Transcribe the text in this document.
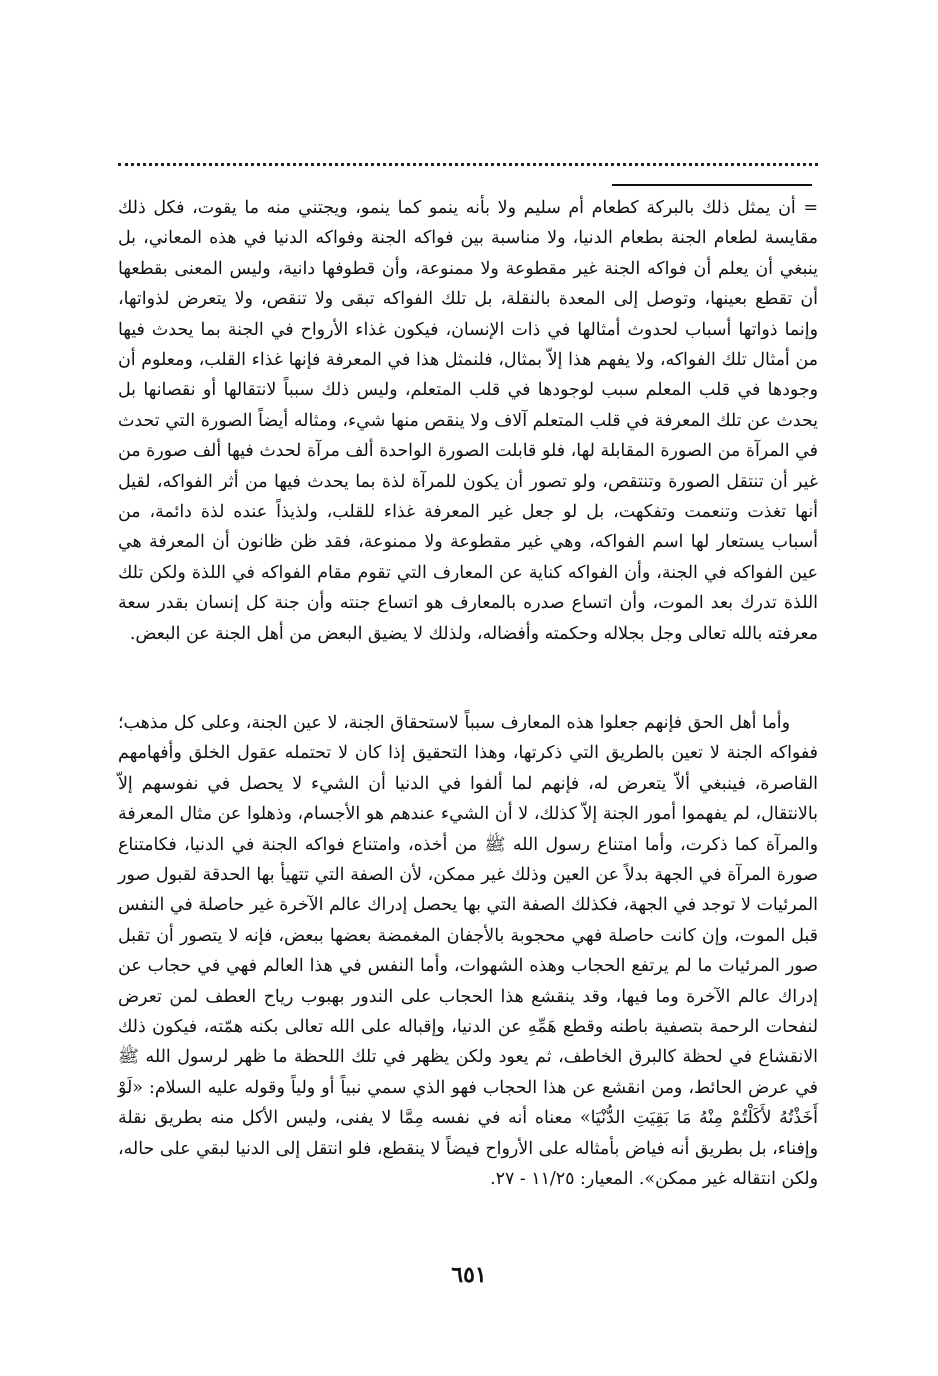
= أن يمثل ذلك بالبركة كطعام أم سليم ولا بأنه ينمو كما ينمو، ويجتني منه ما يقوت، فكل ذلك مقايسة لطعام الجنة بطعام الدنيا، ولا مناسبة بين فواكه الجنة وفواكه الدنيا في هذه المعاني، بل ينبغي أن يعلم أن فواكه الجنة غير مقطوعة ولا ممنوعة، وأن قطوفها دانية، وليس المعنى بقطعها أن تقطع بعينها، وتوصل إلى المعدة بالنقلة، بل تلك الفواكه تبقى ولا تنقص، ولا يتعرض لذواتها، وإنما ذواتها أسباب لحدوث أمثالها في ذات الإنسان، فيكون غذاء الأرواح في الجنة بما يحدث فيها من أمثال تلك الفواكه، ولا يفهم هذا إلاّ بمثال، فلنمثل هذا في المعرفة فإنها غذاء القلب، ومعلوم أن وجودها في قلب المعلم سبب لوجودها في قلب المتعلم، وليس ذلك سبباً لانتقالها أو نقصانها بل يحدث عن تلك المعرفة في قلب المتعلم آلاف ولا ينقص منها شيء، ومثاله أيضاً الصورة التي تحدث في المرآة من الصورة المقابلة لها، فلو قابلت الصورة الواحدة ألف مرآة لحدث فيها ألف صورة من غير أن تنتقل الصورة وتنتقص، ولو تصور أن يكون للمرآة لذة بما يحدث فيها من أثر الفواكه، لقيل أنها تغذت وتنعمت وتفكهت، بل لو جعل غير المعرفة غذاء للقلب، ولذيذاً عنده لذة دائمة، من أسباب يستعار لها اسم الفواكه، وهي غير مقطوعة ولا ممنوعة، فقد ظن ظانون أن المعرفة هي عين الفواكه في الجنة، وأن الفواكه كناية عن المعارف التي تقوم مقام الفواكه في اللذة ولكن تلك اللذة تدرك بعد الموت، وأن اتساع صدره بالمعارف هو اتساع جنته وأن جنة كل إنسان بقدر سعة معرفته بالله تعالى وجل بجلاله وحكمته وأفضاله، ولذلك لا يضيق البعض من أهل الجنة عن البعض.

وأما أهل الحق فإنهم جعلوا هذه المعارف سبباً لاستحقاق الجنة، لا عين الجنة، وعلى كل مذهب؛ ففواكه الجنة لا تعين بالطريق التي ذكرتها، وهذا التحقيق إذا كان لا تحتمله عقول الخلق وأفهامهم القاصرة، فينبغي ألاّ يتعرض له، فإنهم لما ألفوا في الدنيا أن الشيء لا يحصل في نفوسهم إلاّ بالانتقال، لم يفهموا أمور الجنة إلاّ كذلك، لا أن الشيء عندهم هو الأجسام، وذهلوا عن مثال المعرفة والمرآة كما ذكرت، وأما امتناع رسول الله ﷺ من أخذه، وامتناع فواكه الجنة في الدنيا، فكامتناع صورة المرآة في الجهة بدلاً عن العين وذلك غير ممكن، لأن الصفة التي تتهيأ بها الحدقة لقبول صور المرئيات لا توجد في الجهة، فكذلك الصفة التي بها يحصل إدراك عالم الآخرة غير حاصلة في النفس قبل الموت، وإن كانت حاصلة فهي محجوبة بالأجفان المغمضة بعضها ببعض، فإنه لا يتصور أن تقبل صور المرئيات ما لم يرتفع الحجاب وهذه الشهوات، وأما النفس في هذا العالم فهي في حجاب عن إدراك عالم الآخرة وما فيها، وقد ينقشع هذا الحجاب على الندور بهبوب رياح العطف لمن تعرض لنفحات الرحمة بتصفية باطنه وقطع هَمِّهِ عن الدنيا، وإقباله على الله تعالى بكنه همّته، فيكون ذلك الانقشاع في لحظة كالبرق الخاطف، ثم يعود ولكن يظهر في تلك اللحظة ما ظهر لرسول الله ﷺ في عرض الحائط، ومن انقشع عن هذا الحجاب فهو الذي سمي نبياً أو ولياً وقوله عليه السلام: «لَوْ أَخَذْتُهُ لأَكَلْتُمْ مِنْهُ مَا بَقِيَتِ الدُّنْيَا» معناه أنه في نفسه مِمَّا لا يفنى، وليس الأكل منه بطريق نقلة وإفناء، بل بطريق أنه فياض بأمثاله على الأرواح فيضاً لا ينقطع، فلو انتقل إلى الدنيا لبقي على حاله، ولكن انتقاله غير ممكن». المعيار: ١١/٢٥ - ٢٧.

٦٥١
